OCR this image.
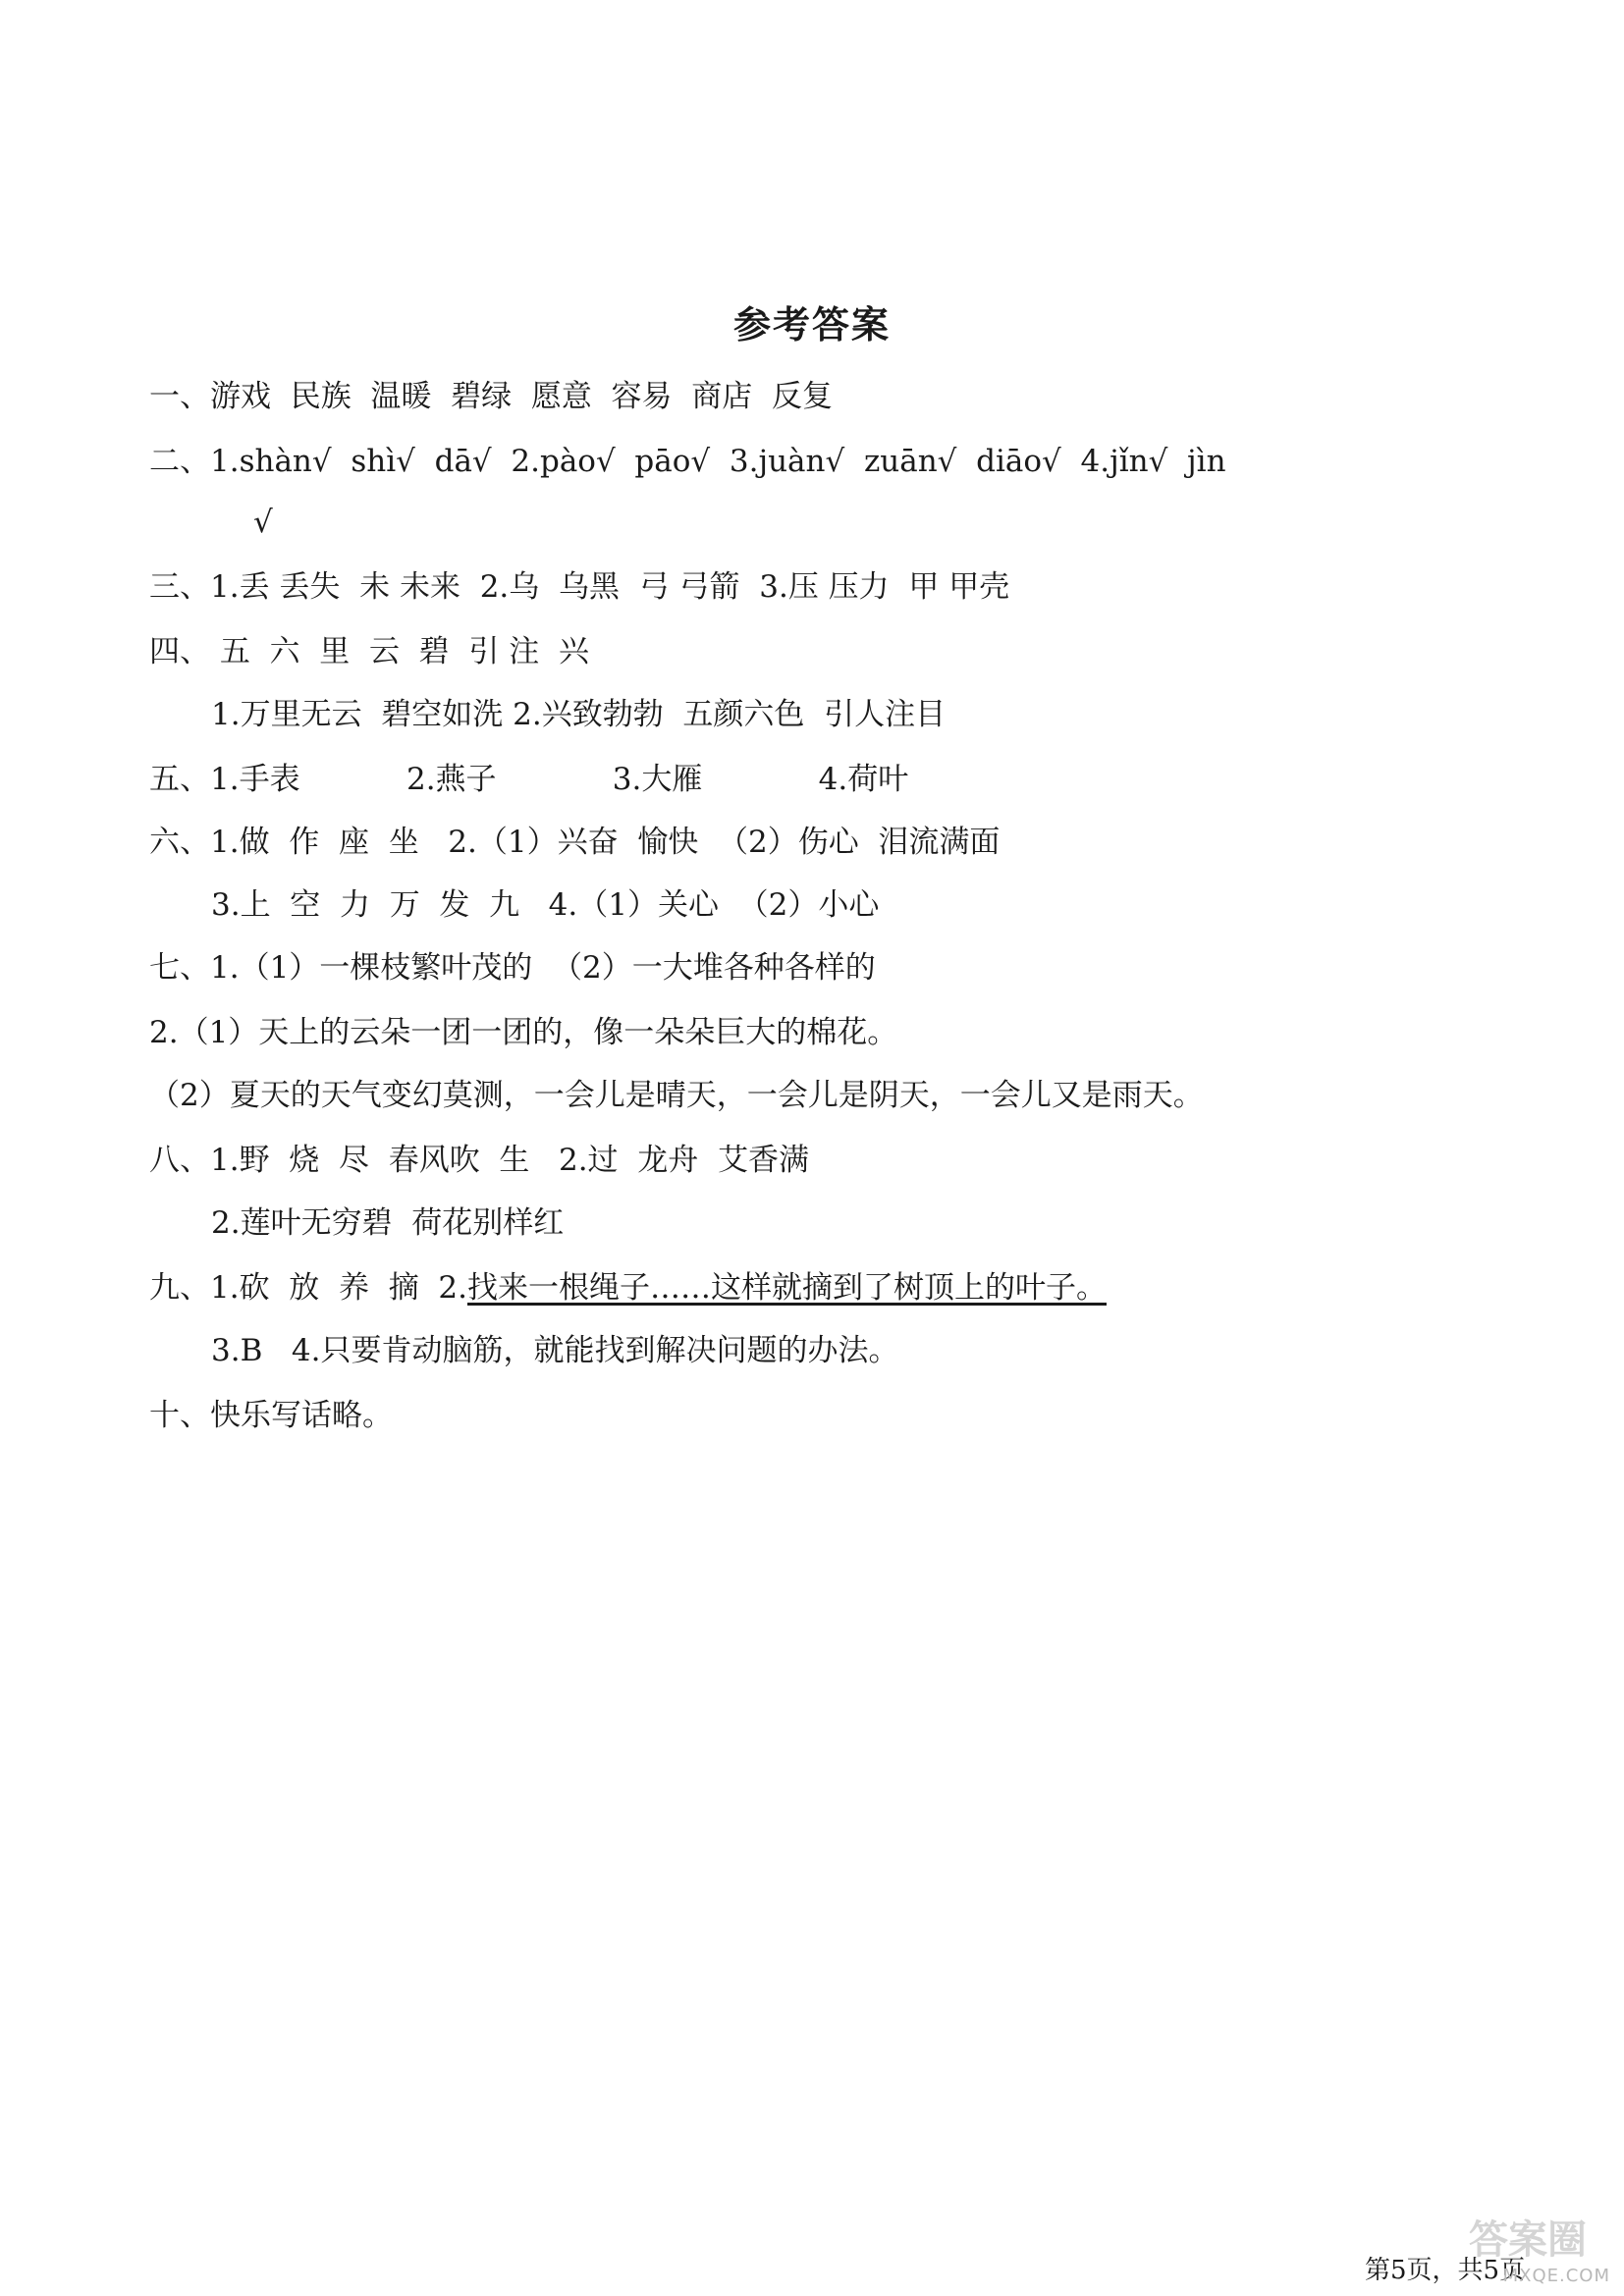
参考答案
一、游戏  民族  温暖  碧绿  愿意  容易  商店  反复
二、1.shàn√  shì√  dā√  2.pào√  pāo√  3.juàn√  zuān√  diāo√  4.jǐn√  jìn
√
三、1.丢 丢失  未 未来  2.乌  乌黑  弓 弓箭  3.压 压力  甲 甲壳
四、 五  六  里  云  碧  引 注  兴
1.万里无云  碧空如洗 2.兴致勃勃  五颜六色  引人注目
五、1.手表           2.燕子            3.大雁            4.荷叶
六、1.做  作  座  坐   2.（1）兴奋  愉快  （2）伤心  泪流满面
3.上  空  力  万  发  九   4.（1）关心  （2）小心
七、1.（1）一棵枝繁叶茂的  （2）一大堆各种各样的
2.（1）天上的云朵一团一团的，像一朵朵巨大的棉花。
（2）夏天的天气变幻莫测，一会儿是晴天，一会儿是阴天，一会儿又是雨天。
八、1.野  烧  尽  春风吹  生   2.过  龙舟  艾香满
2.莲叶无穷碧  荷花别样红
九、1.砍  放  养  摘  2.找来一根绳子……这样就摘到了树顶上的叶子。
3.B   4.只要肯动脑筋，就能找到解决问题的办法。
十、快乐写话略。
第5页，共5页
答案圈
MXQE.COM
